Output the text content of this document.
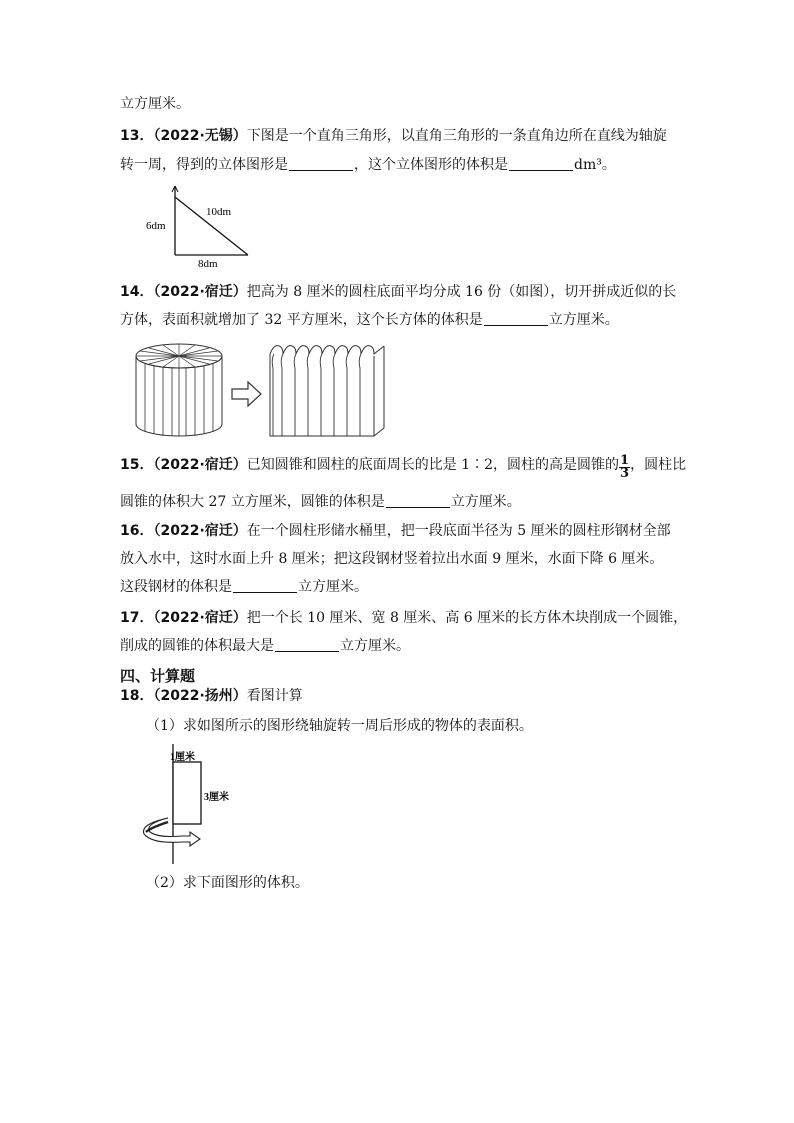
立方厘米。
13．（2022·无锡）下图是一个直角三角形，以直角三角形的一条直角边所在直线为轴旋
转一周，得到的立体图形是	，这个立体图形的体积是	dm³。
6dm
10dm
8dm
14．（2022·宿迁）把高为 8 厘米的圆柱底面平均分成 16 份（如图），切开拼成近似的长
方体，表面积就增加了 32 平方厘米，这个长方体的体积是	立方厘米。
15．（2022·宿迁）已知圆锥和圆柱的底面周长的比是 1∶2，圆柱的高是圆锥的 $\frac{1}{3}$ ，圆柱比
圆锥的体积大 27 立方厘米，圆锥的体积是	立方厘米。
16．（2022·宿迁）在一个圆柱形储水桶里，把一段底面半径为 5 厘米的圆柱形钢材全部
放入水中，这时水面上升 8 厘米；把这段钢材竖着拉出水面 9 厘米，水面下降 6 厘米。
这段钢材的体积是	立方厘米。
17．（2022·宿迁）把一个长 10 厘米、宽 8 厘米、高 6 厘米的长方体木块削成一个圆锥，
削成的圆锥的体积最大是	立方厘米。
四、计算题
18．（2022·扬州）看图计算
（1）求如图所示的图形绕轴旋转一周后形成的物体的表面积。
1厘米
3厘米
（2）求下面图形的体积。
